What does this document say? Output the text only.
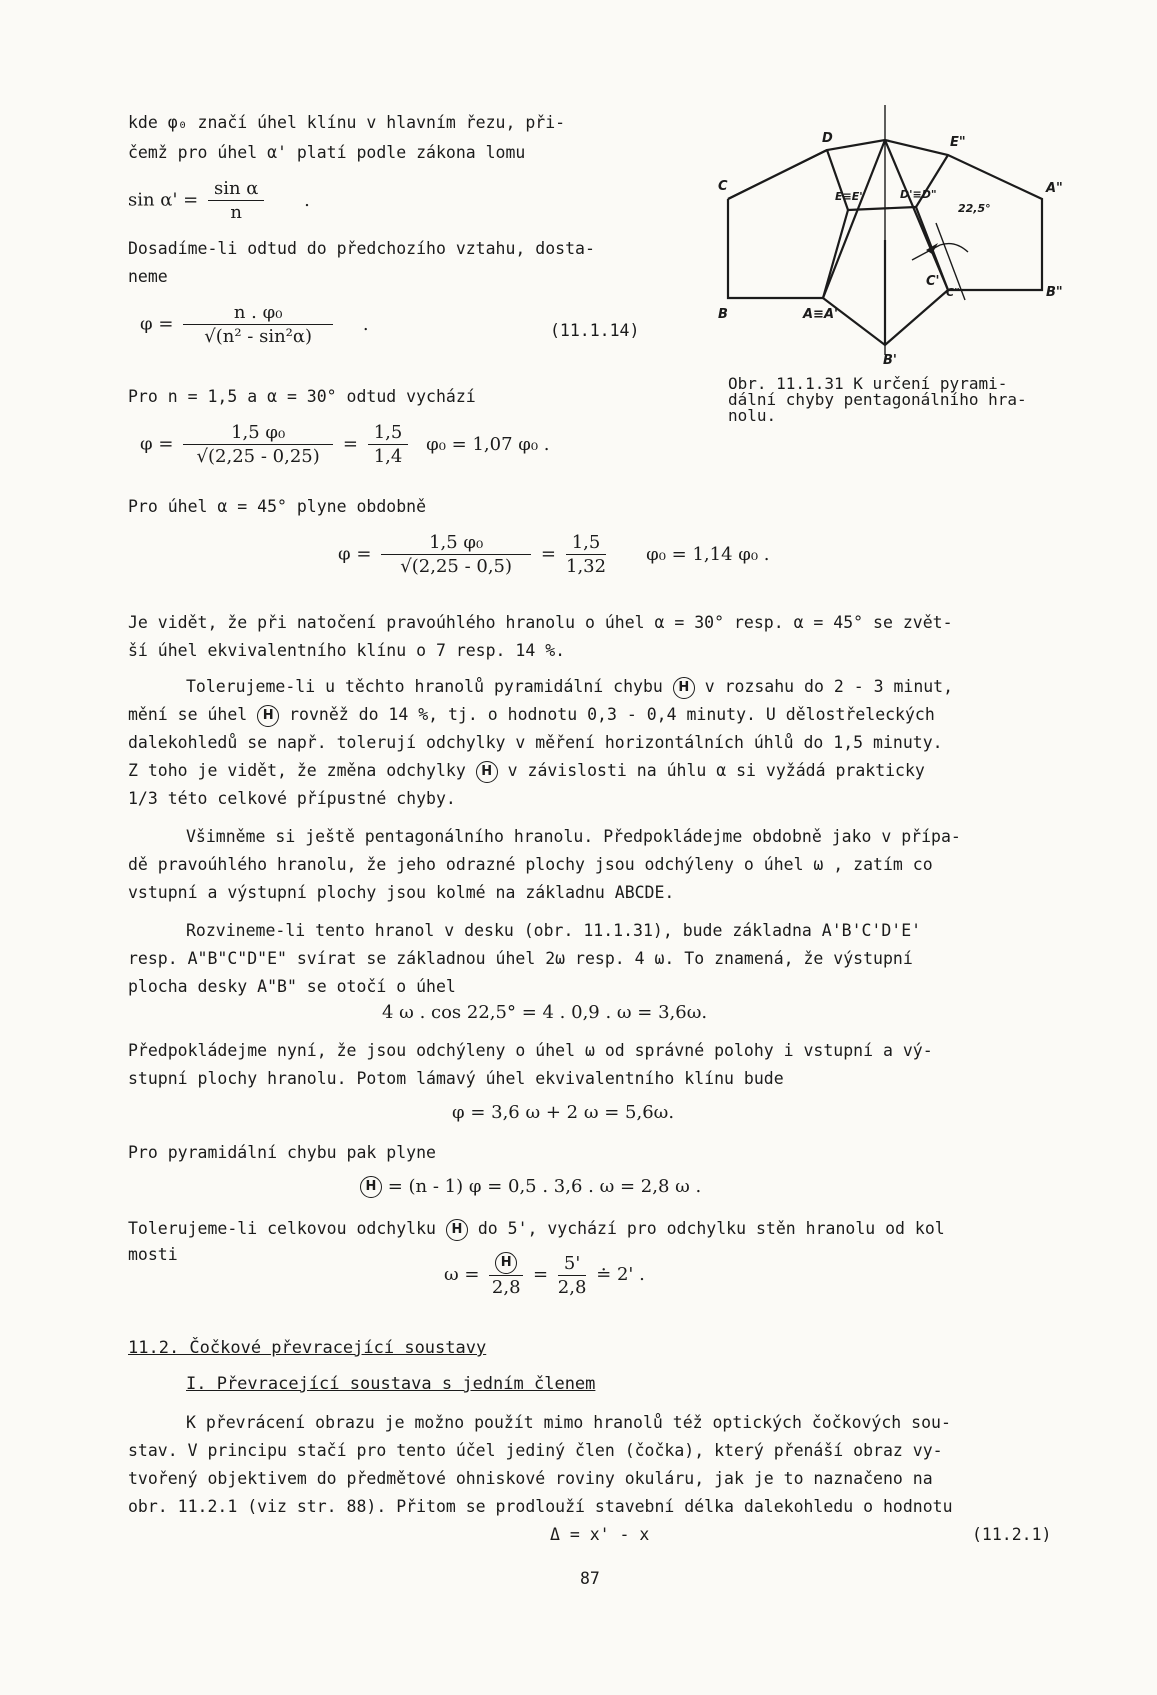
kde φ₀ značí úhel klínu v hlavním řezu, při-
čemž pro úhel α' platí podle zákona lomu
$\sin \alpha' = \frac{\text{sin α}}{n}$ .
Dosadíme-li odtud do předchozího vztahu, dosta-
neme
$\varphi = \frac{\text{n . φ₀}}{\text{√(n² - sin²α)}}$ .	(11.1.14)
Pro n = 1,5 a α = 30° odtud vychází
$\varphi = \frac{\text{1,5 φ₀}}{√(2,25 - 0,25)} = \frac{1,5}{1,4} \varphi_0 = 1,07$ φ₀ .
Pro úhel α = 45° plyne obdobně
$\varphi = \frac{\text{1,5 φ₀}}{√(2,25 - 0,5)} = \frac{1,5}{1,32} \varphi_0 = 1,14$ φ₀ .
C
D	E"
A"
B	A≡A'
E≡E'	D'≡D"
22,5°
C'
C"	B"
B'
Obr. 11.1.31 K určení pyrami-
dální chyby pentagonálního hra-
nolu.
Je vidět, že při natočení pravoúhlého hranolu o úhel α = 30° resp. α = 45° se zvět-
ší úhel ekvivalentního klínu o 7 resp. 14 %.
Tolerujeme-li u těchto hranolů pyramidální chybu H v rozsahu do 2 - 3 minut,
mění se úhel H rovněž do 14 %, tj. o hodnotu 0,3 - 0,4 minuty. U dělostřeleckých
dalekohledů se např. tolerují odchylky v měření horizontálních úhlů do 1,5 minuty.
Z toho je vidět, že změna odchylky H v závislosti na úhlu α si vyžádá prakticky
1/3 této celkové přípustné chyby.
Všimněme si ještě pentagonálního hranolu. Předpokládejme obdobně jako v přípa-
dě pravoúhlého hranolu, že jeho odrazné plochy jsou odchýleny o úhel ω , zatím co
vstupní a výstupní plochy jsou kolmé na základnu ABCDE.
Rozvineme-li tento hranol v desku (obr. 11.1.31), bude základna A'B'C'D'E'
resp. A"B"C"D"E" svírat se základnou úhel 2ω resp. 4 ω. To znamená, že výstupní
plocha desky A"B" se otočí o úhel
4 ω . cos 22,5° = 4 . 0,9 . ω = 3,6ω.
Předpokládejme nyní, že jsou odchýleny o úhel ω od správné polohy i vstupní a vý-
stupní plochy hranolu. Potom lámavý úhel ekvivalentního klínu bude
φ = 3,6 ω + 2 ω = 5,6ω.
Pro pyramidální chybu pak plyne
H = (n - 1) φ = 0,5 . 3,6 . ω = 2,8 ω .
Tolerujeme-li celkovou odchylku H do 5', vychází pro odchylku stěn hranolu od kol
mosti
$\omega = \frac{H}{2,8} = \frac{5'}{2,8}$ ≐ 2' .
11.2. Čočkové převracející soustavy
I. Převracející soustava s jedním členem
K převrácení obrazu je možno použít mimo hranolů též optických čočkových sou-
stav. V principu stačí pro tento účel jediný člen (čočka), který přenáší obraz vy-
tvořený objektivem do předmětové ohniskové roviny okuláru, jak je to naznačeno na
obr. 11.2.1 (viz str. 88). Přitom se prodlouží stavební délka dalekohledu o hodnotu
Δ = x' - x	(11.2.1)
87
